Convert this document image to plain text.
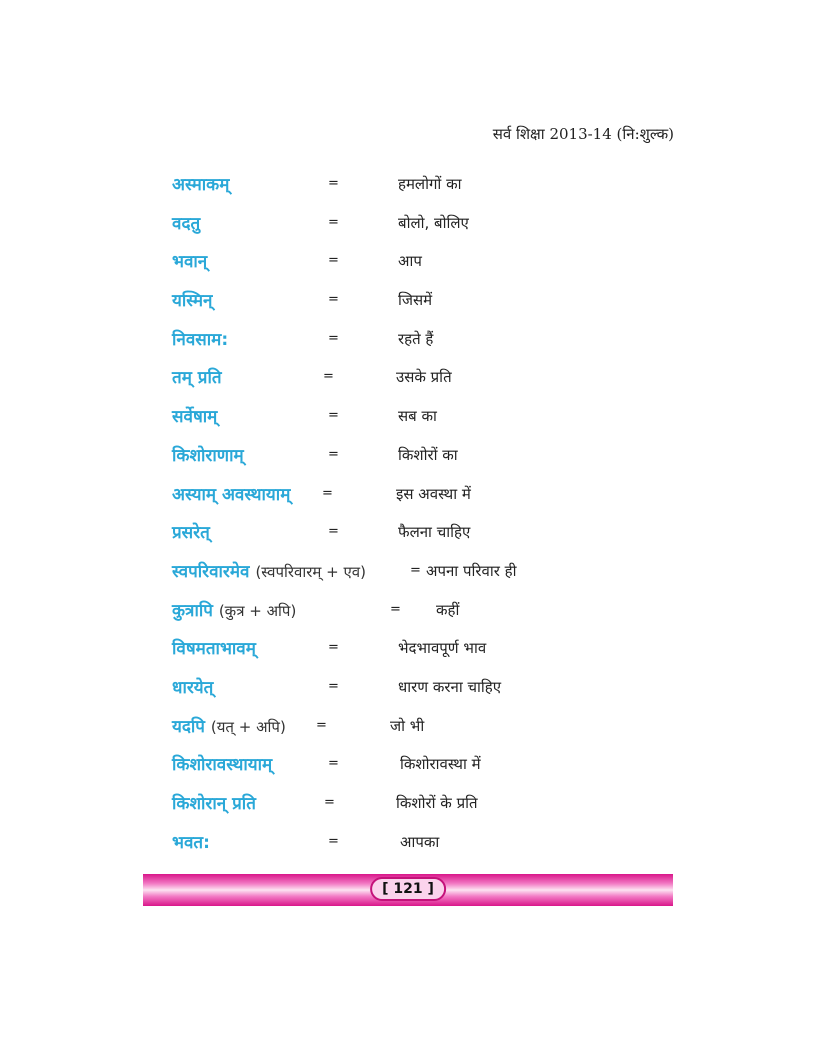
सर्व शिक्षा 2013-14 (नि:शुल्क)
अस्माकम्	=	हमलोगों का
वदतु	=	बोलो, बोलिए
भवान्	=	आप
यस्मिन्	=	जिसमें
निवसाम:	=	रहते हैं
तम् प्रति	=	उसके प्रति
सर्वेषाम्	=	सब का
किशोराणाम्	=	किशोरों का
अस्याम् अवस्थायाम् =	इस अवस्था में
प्रसरेत्	=	फैलना चाहिए
स्वपरिवारमेव (स्वपरिवारम् + एव)	= अपना परिवार ही
कुत्रापि (कुत्र + अपि)	= कहीं
विषमताभावम्	=	भेदभावपूर्ण भाव
धारयेत्	=	धारण करना चाहिए
यदपि (यत् + अपि) =	जो भी
किशोरावस्थायाम्	=	किशोरावस्था में
किशोरान् प्रति	=	किशोरों के प्रति
भवत:	=	आपका
[ 121 ]
